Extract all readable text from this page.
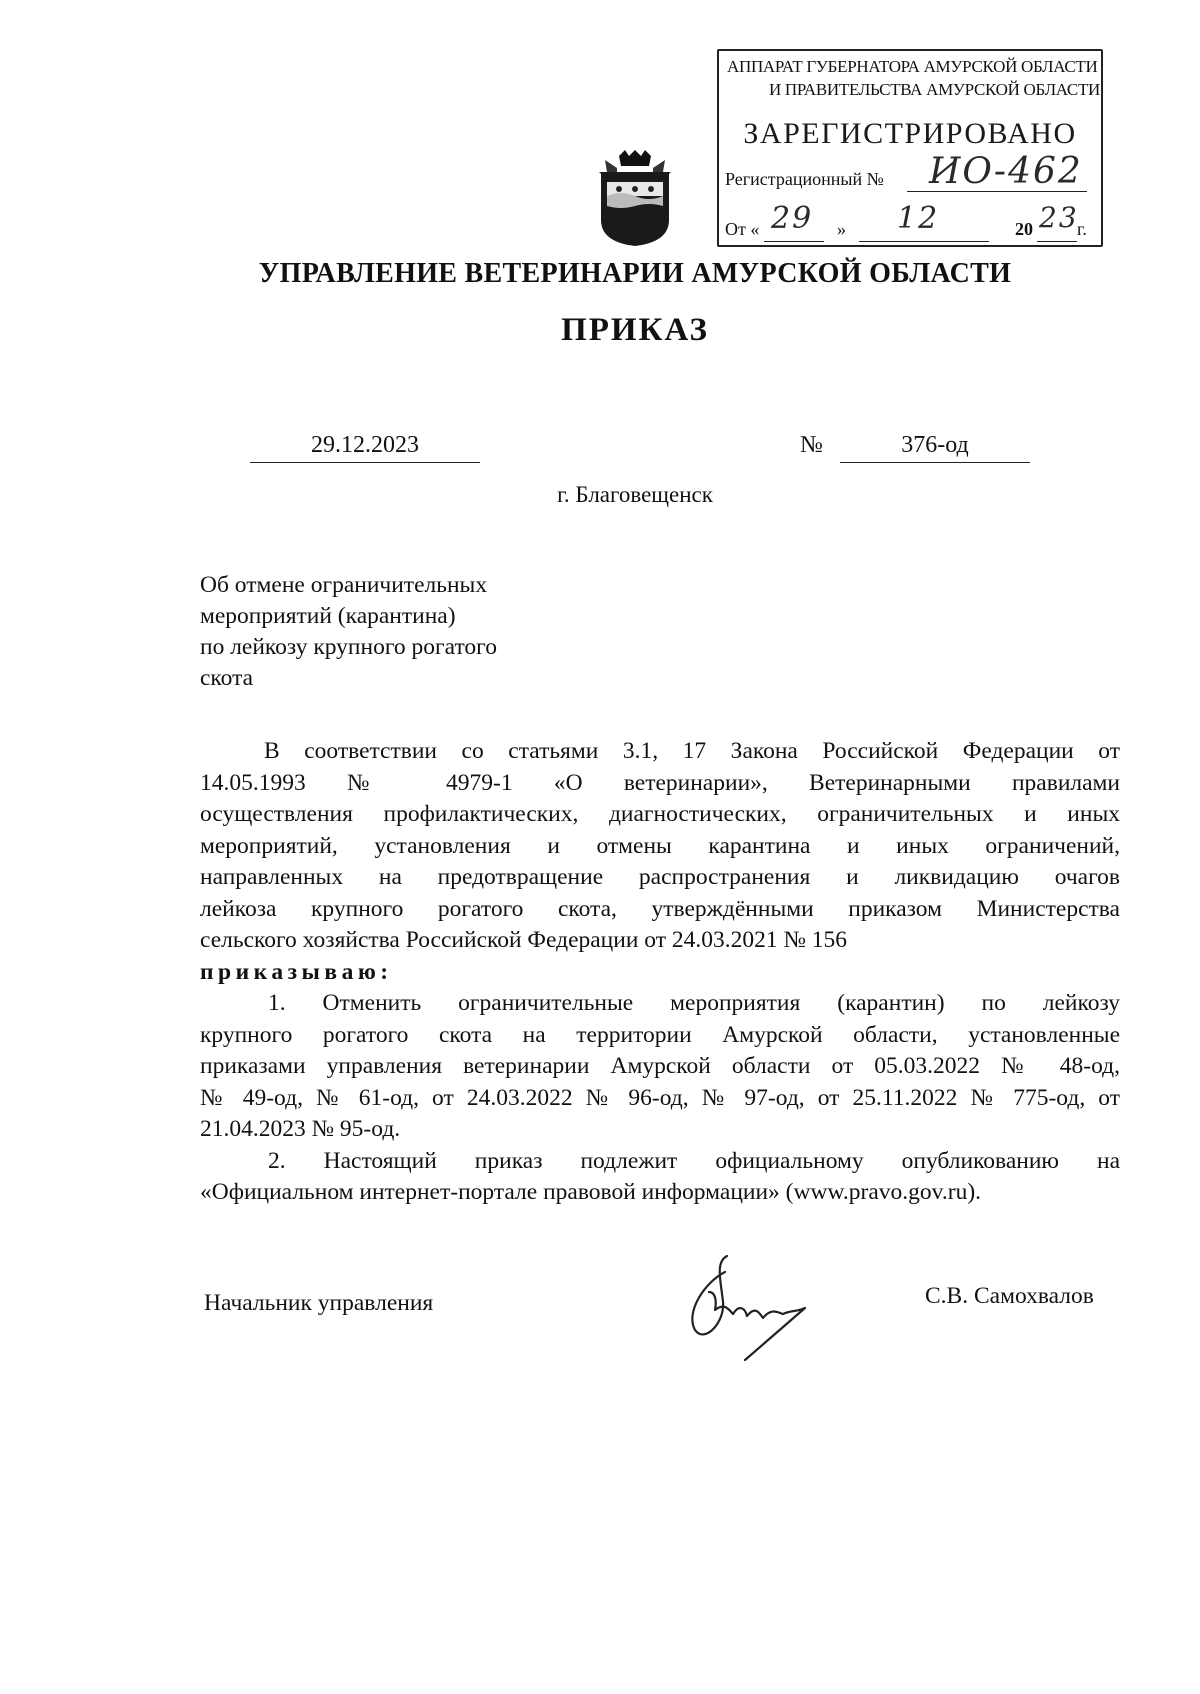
АППАРАТ ГУБЕРНАТОРА АМУРСКОЙ ОБЛАСТИ
И ПРАВИТЕЛЬСТВА АМУРСКОЙ ОБЛАСТИ
ЗАРЕГИСТРИРОВАНО
Регистрационный № ИО-462
От « 29 » 12	20 23
г.
УПРАВЛЕНИЕ ВЕТЕРИНАРИИ АМУРСКОЙ ОБЛАСТИ
ПРИКАЗ
29.12.2023	№	376-од
г. Благовещенск
Об отмене ограничительных
мероприятий (карантина)
по лейкозу крупного рогатого
скота
В соответствии со статьями 3.1, 17 Закона Российской Федерации от
14.05.1993 № 4979-1 «О ветеринарии», Ветеринарными правилами
осуществления профилактических, диагностических, ограничительных и иных
мероприятий, установления и отмены карантина и иных ограничений,
направленных на предотвращение распространения и ликвидацию очагов
лейкоза крупного рогатого скота, утверждёнными приказом Министерства
сельского хозяйства Российской Федерации от 24.03.2021 № 156
приказываю:
1. Отменить ограничительные мероприятия (карантин) по лейкозу
крупного рогатого скота на территории Амурской области, установленные
приказами управления ветеринарии Амурской области от 05.03.2022 № 48-од,
№ 49-од, № 61-од, от 24.03.2022 № 96-од, № 97-од, от 25.11.2022 № 775-од, от
21.04.2023 № 95-од.
2. Настоящий приказ подлежит официальному опубликованию на
«Официальном интернет-портале правовой информации» (www.pravo.gov.ru).
Начальник управления	С.В. Самохвалов
